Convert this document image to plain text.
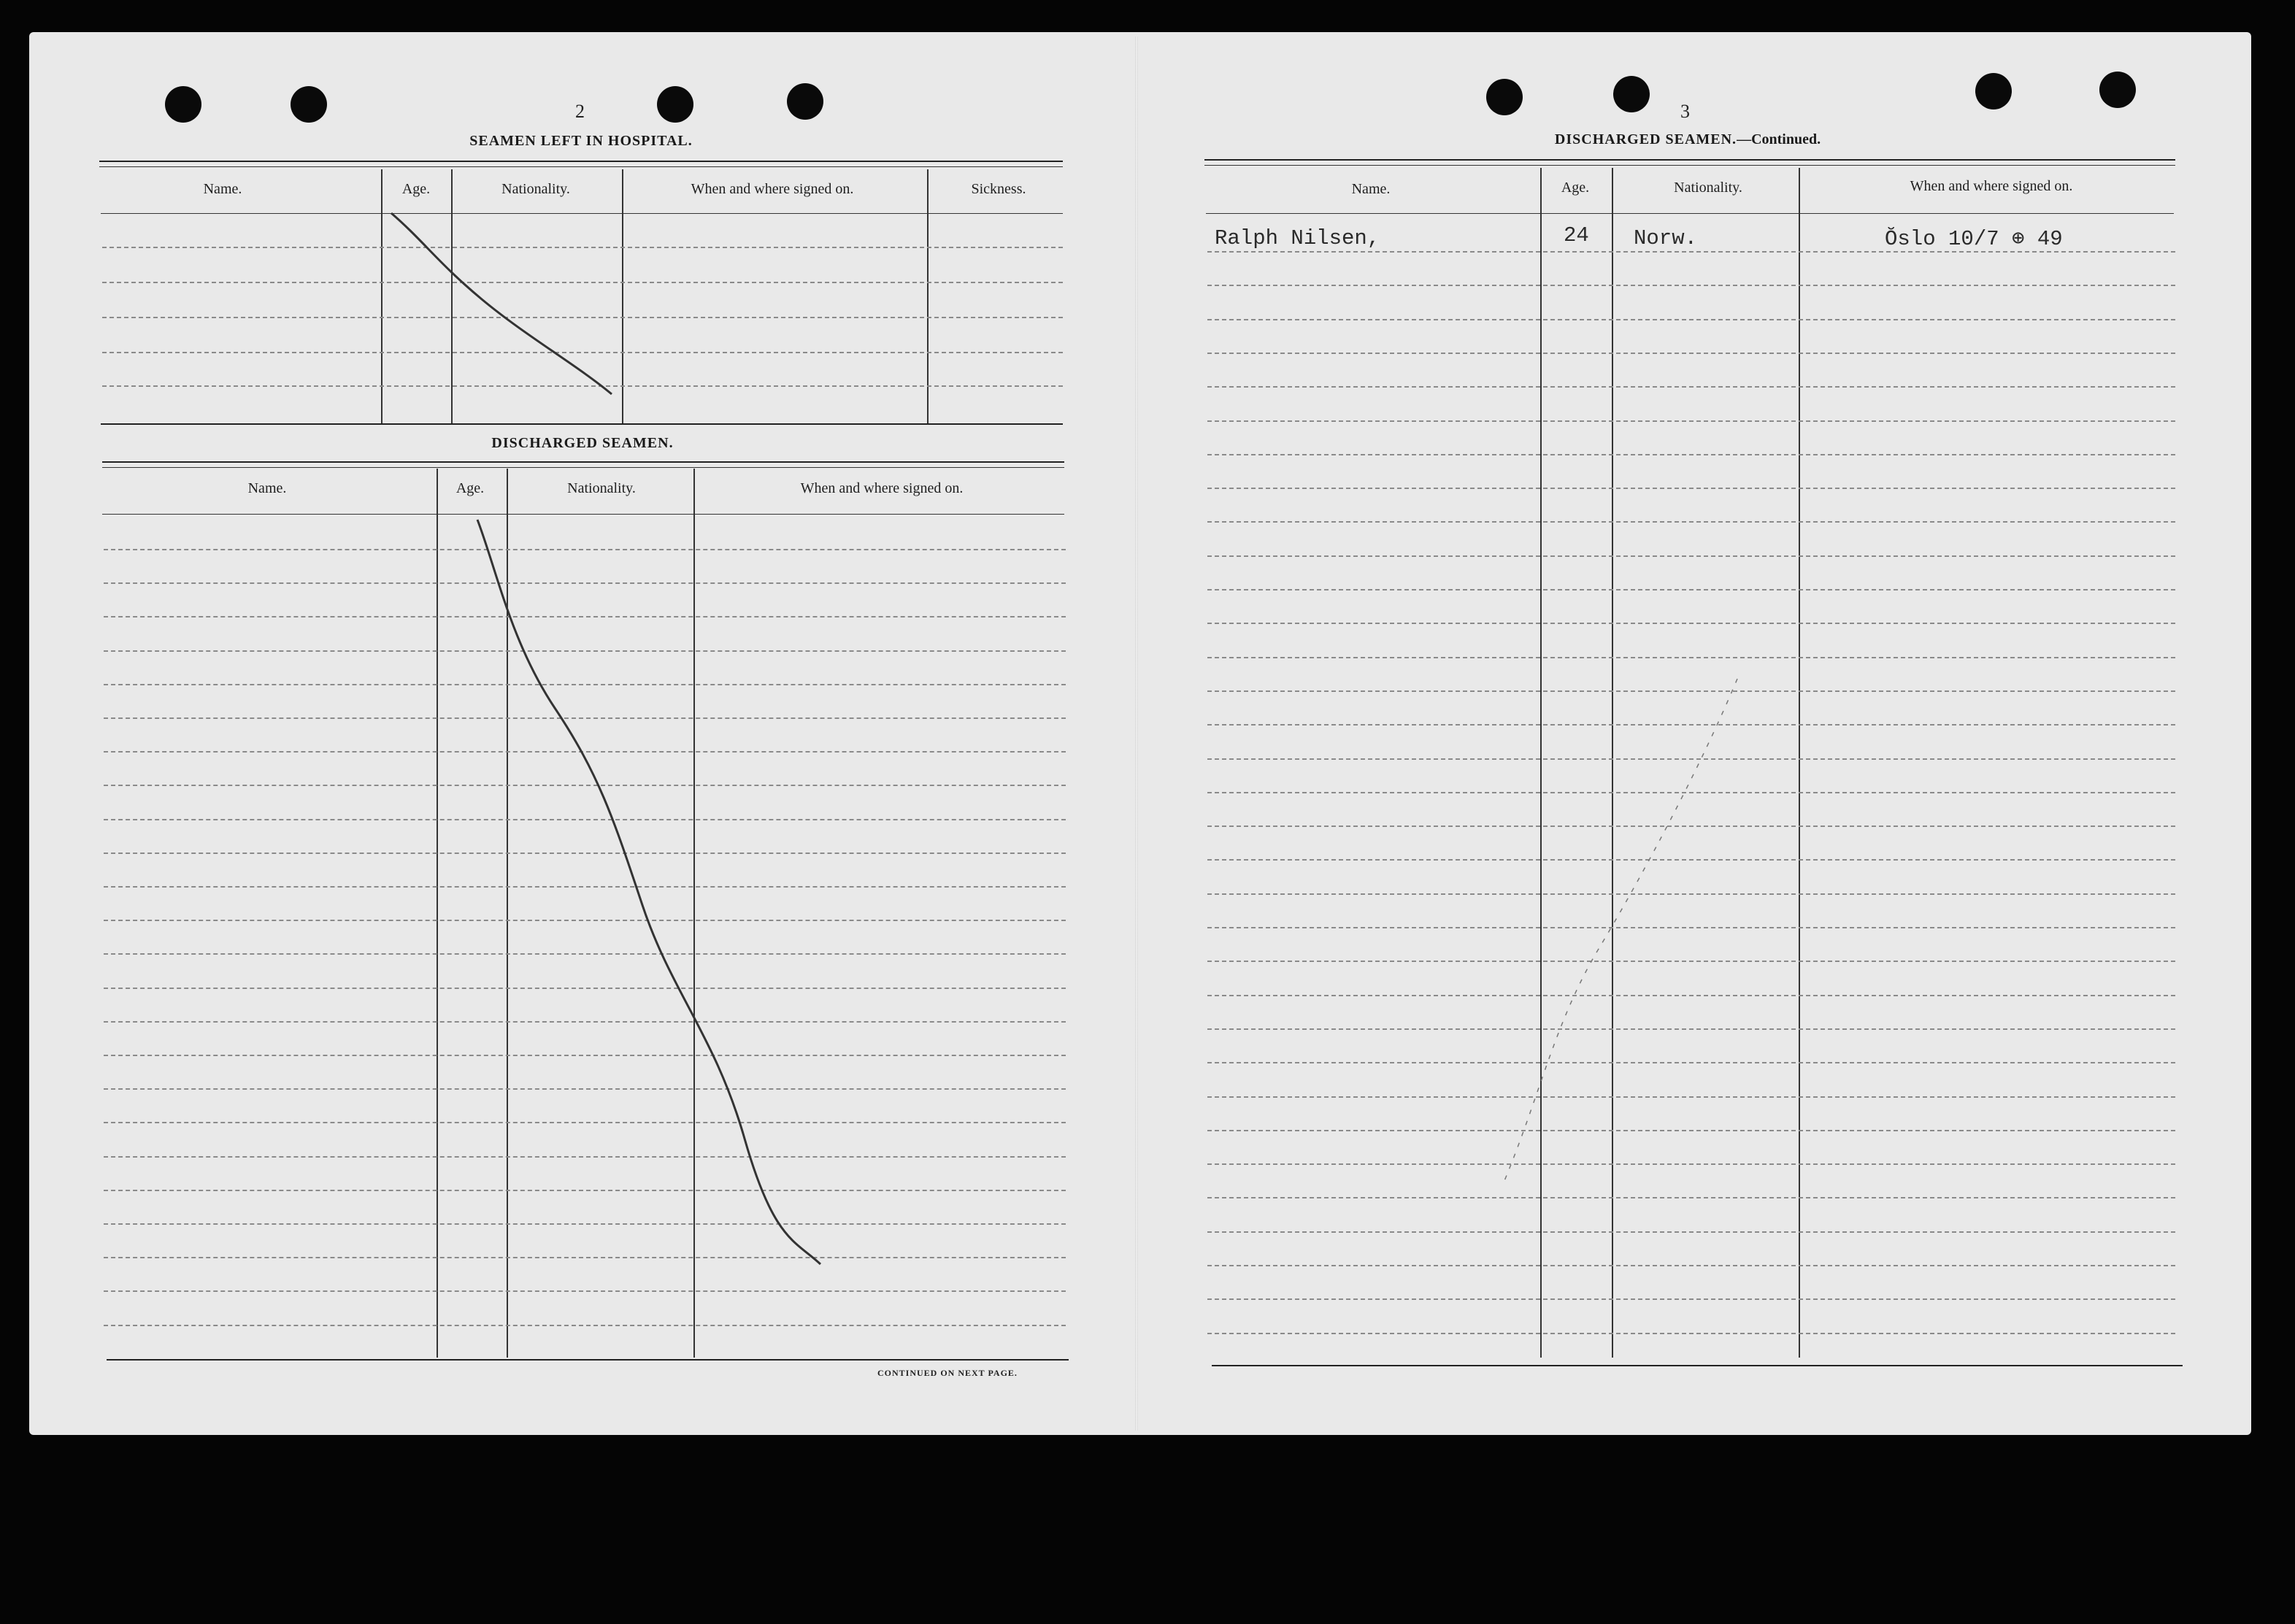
2
SEAMEN LEFT IN HOSPITAL.
Name.	Age.	Nationality.	When and where signed on.	Sickness.
DISCHARGED SEAMEN.
Name.	Age.	Nationality.	When and where signed on.
CONTINUED ON NEXT PAGE.
3
DISCHARGED SEAMEN.—Continued.
Name.	Age.	Nationality.	When and where signed on.
Ralph Nilsen,	24 Norw.	Ŏslo 10/7 ⊕ 49
